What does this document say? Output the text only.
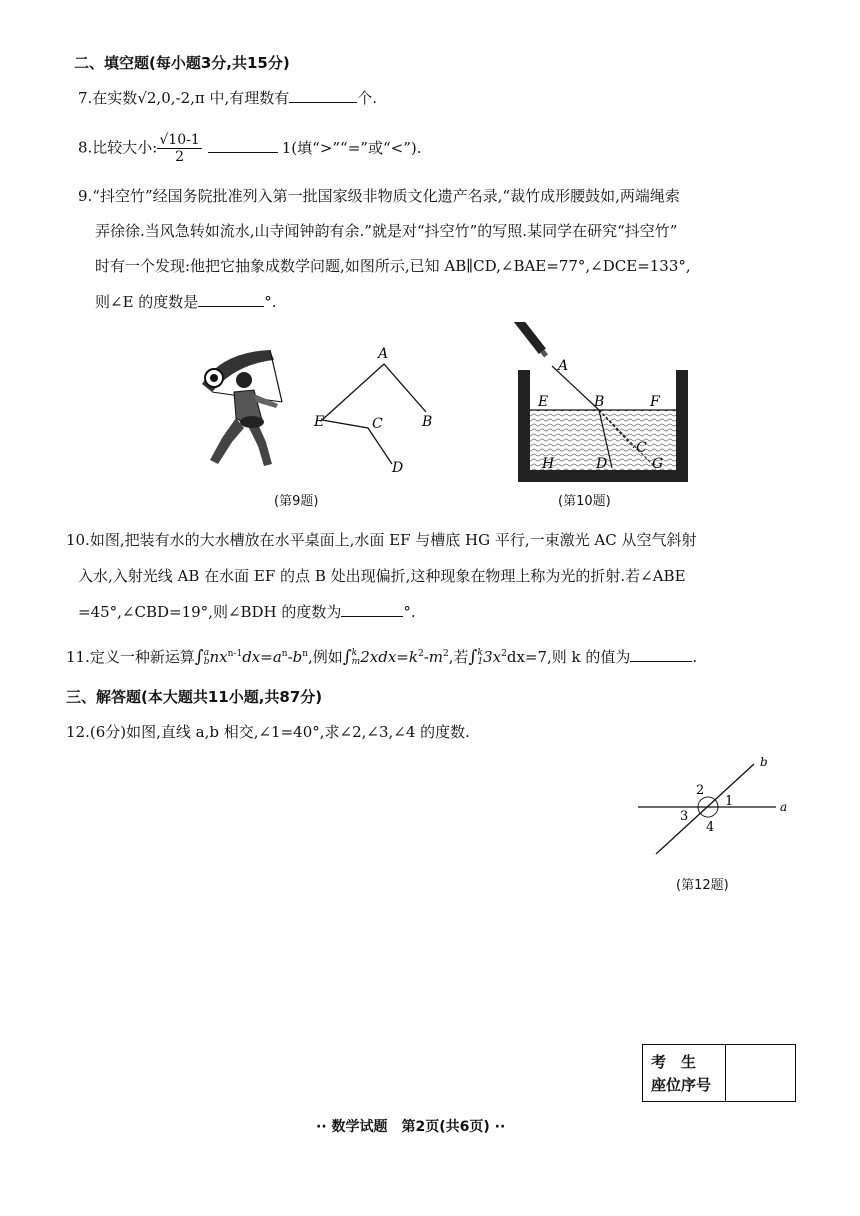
二、填空题(每小题3分,共15分)
7.在实数√2,0,-2,π 中,有理数有	个.
8.比较大小: $\frac{√10-1}{2}$	1(填“>”“=”或“<”).
9.“抖空竹”经国务院批准列入第一批国家级非物质文化遗产名录,“裁竹成形腰鼓如,两端绳索
弄徐徐.当风急转如流水,山寺闻钟韵有余.”就是对“抖空竹”的写照.某同学在研究“抖空竹”
时有一个发现:他把它抽象成数学问题,如图所示,已知 AB∥CD,∠BAE=77°,∠DCE=133°,
则∠E 的度数是	°.
A
B
C
D
E
(第9题)
A
B
C
D
E	F
G
H
(第10题)
10.如图,把装有水的大水槽放在水平桌面上,水面 EF 与槽底 HG 平行,一束激光 AC 从空气斜射
入水,入射光线 AB 在水面 EF 的点 B 处出现偏折,这种现象在物理上称为光的折射.若∠ABE
=45°,∠CBD=19°,则∠BDH 的度数为	°.
11.定义一种新运算∫ a
b $nx^{n-1}dx=a^n-b^n$,例如∫ k
m $2xdx=k^2-m^2$,若∫ k
1 $3x^2dx=7$,则 k 的值为	.
三、解答题(本大题共11小题,共87分)
12.(6分)如图,直线 a,b 相交,∠1=40°,求∠2,∠3,∠4 的度数.
b
a
1
2
3
4
(第12题)
考　生
座位序号
·· 数学试题　第2页(共6页) ··
